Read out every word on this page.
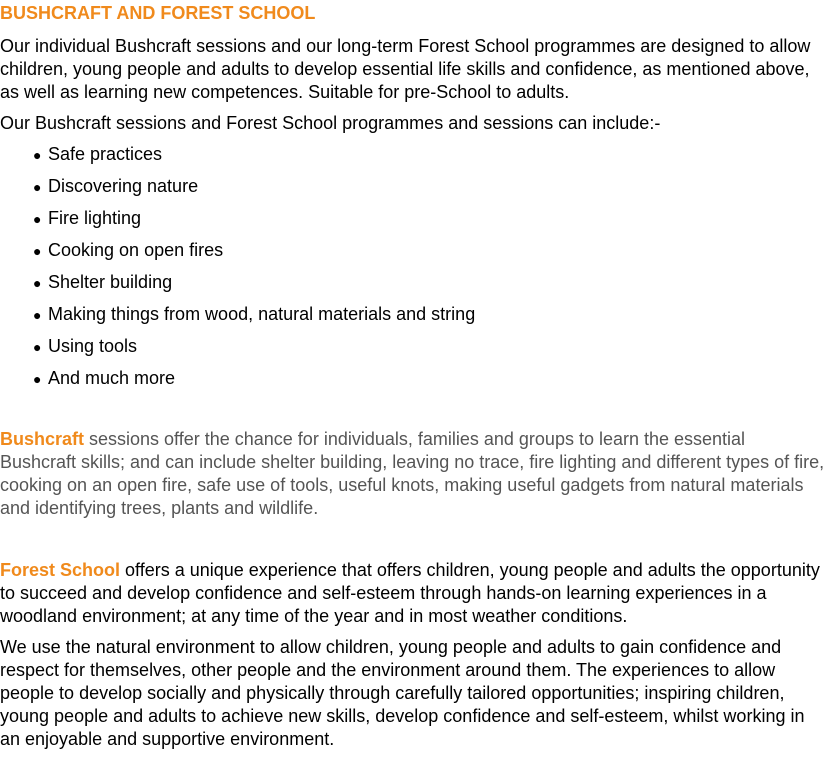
BUSHCRAFT AND FOREST SCHOOL

Our individual Bushcraft sessions and our long-term Forest School programmes are designed to allow children, young people and adults to develop essential life skills and confidence, as mentioned above, as well as learning new competences. Suitable for pre-School to adults.

Our Bushcraft sessions and Forest School programmes and sessions can include:-

● Safe practices
● Discovering nature
● Fire lighting
● Cooking on open fires
● Shelter building
● Making things from wood, natural materials and string
● Using tools
● And much more

Bushcraft sessions offer the chance for individuals, families and groups to learn the essential Bushcraft skills; and can include shelter building, leaving no trace, fire lighting and different types of fire, cooking on an open fire, safe use of tools, useful knots, making useful gadgets from natural materials and identifying trees, plants and wildlife.

Forest School offers a unique experience that offers children, young people and adults the opportunity to succeed and develop confidence and self-esteem through hands-on learning experiences in a woodland environment; at any time of the year and in most weather conditions.

We use the natural environment to allow children, young people and adults to gain confidence and respect for themselves, other people and the environment around them. The experiences to allow people to develop socially and physically through carefully tailored opportunities; inspiring children, young people and adults to achieve new skills, develop confidence and self-esteem, whilst working in an enjoyable and supportive environment.
